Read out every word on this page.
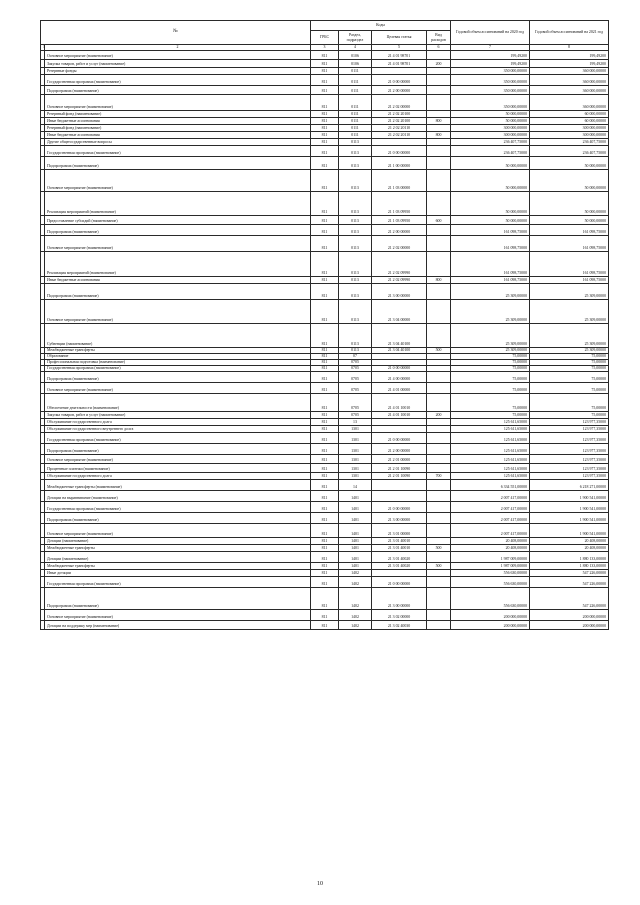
№		Коды				Годовой объем ассигнований на 2020 год	Годовой объем ассигнований на 2021 год
		ГРБС	Раздел, подраздел	Целевая статья	Вид расходов		
1	2	3	4	5	6	7	8
	Основное мероприятие (наименование)	811	0106	21 4 01 98701		199,49200	199,49200
	Закупка товаров, работ и услуг (наименование)	811	0106	21 4 01 98701	200	199,49200	199,49200
	Резервные фонды	811	0111			350 000,00000	360 000,00000
	Государственная программа (наименование)	811	0111	21 0 00 00000		350 000,00000	360 000,00000
	Подпрограмма (наименование)	811	0111	21 2 00 00000		350 000,00000	360 000,00000
	Основное мероприятие (наименование)	811	0111	21 2 02 00000		350 000,00000	360 000,00000
	Резервный фонд (наименование)	811	0111	21 2 02 20100		50 000,00000	60 000,00000
	Иные бюджетные ассигнования	811	0111	21 2 02 20100	800	50 000,00000	60 000,00000
	Резервный фонд (наименование)	811	0111	21 2 02 20110		300 000,00000	300 000,00000
	Иные бюджетные ассигнования	811	0111	21 2 02 20110	800	300 000,00000	300 000,00000
	Другие общегосударственные вопросы	811	0113			236 407,75000	236 407,75000
	Государственная программа (наименование)	811	0113	21 0 00 00000		236 407,75000	236 407,75000
	Подпрограмма (наименование)	811	0113	21 1 00 00000		50 000,00000	50 000,00000
	Основное мероприятие (наименование)	811	0113	21 1 03 00000		50 000,00000	50 000,00000
	Реализация мероприятий (наименование)	811	0113	21 1 03 09950		50 000,00000	50 000,00000
	Предоставление субсидий (наименование)	811	0113	21 1 03 09950	600	50 000,00000	50 000,00000
	Подпрограмма (наименование)	811	0113	21 2 00 00000		161 098,75000	161 098,75000
	Основное мероприятие (наименование)	811	0113	21 2 02 00000		161 098,75000	161 098,75000
	Реализация мероприятий (наименование)	811	0113	21 2 02 09990		161 098,75000	161 098,75000
	Иные бюджетные ассигнования	811	0113	21 2 02 09990	800	161 098,75000	161 098,75000
	Подпрограмма (наименование)	811	0113	21 3 00 00000		25 309,00000	25 309,00000
	Основное мероприятие (наименование)	811	0113	21 3 04 00000		25 309,00000	25 309,00000
	Субвенции (наименование)	811	0113	21 3 04 40100		25 309,00000	25 309,00000
	Межбюджетные трансферты	811	0113	21 3 04 40100	500	25 309,00000	25 309,00000
	Образование	811	07			75,00000	75,00000
	Профессиональная подготовка (наименование)	811	0705			75,00000	75,00000
	Государственная программа (наименование)	811	0705	21 0 00 00000		75,00000	75,00000
	Подпрограмма (наименование)	811	0705	21 4 00 00000		75,00000	75,00000
	Основное мероприятие (наименование)	811	0705	21 4 01 00000		75,00000	75,00000
	Обеспечение деятельности (наименование)	811	0705	21 4 01 10010		75,00000	75,00000
	Закупка товаров, работ и услуг (наименование)	811	0705	21 4 01 10010	200	75,00000	75,00000
	Обслуживание государственного долга	811	13			125 611,65000	123 977,35000
	Обслуживание государственного внутреннего долга	811	1301			125 611,65000	123 977,35000
	Государственная программа (наименование)	811	1301	21 0 00 00000		125 611,65000	123 977,35000
	Подпрограмма (наименование)	811	1301	21 2 00 00000		125 611,65000	123 977,35000
	Основное мероприятие (наименование)	811	1301	21 2 01 00000		125 611,65000	123 977,35000
	Процентные платежи (наименование)	811	1301	21 2 01 10090		125 611,65000	123 977,35000
	Обслуживание государственного долга	811	1301	21 2 01 10090	700	125 611,65000	123 977,35000
	Межбюджетные трансферты (наименование)	811	14			6 334 551,00000	6 218 271,00000
	Дотации на выравнивание (наименование)	811	1401			2 007 417,00000	1 900 541,00000
	Государственная программа (наименование)	811	1401	21 0 00 00000		2 007 417,00000	1 900 541,00000
	Подпрограмма (наименование)	811	1401	21 3 00 00000		2 007 417,00000	1 900 541,00000
	Основное мероприятие (наименование)	811	1401	21 3 01 00000		2 007 417,00000	1 900 541,00000
	Дотации (наименование)	811	1401	21 3 01 40010		20 408,00000	20 408,00000
	Межбюджетные трансферты	811	1401	21 3 01 40010	500	20 408,00000	20 408,00000
	Дотации (наименование)	811	1401	21 3 01 40020		1 987 009,00000	1 880 133,00000
	Межбюджетные трансферты	811	1401	21 3 01 40020	500	1 987 009,00000	1 880 133,00000
	Иные дотации	811	1402			556 630,00000	547 226,00000
	Государственная программа (наименование)	811	1402	21 0 00 00000		556 630,00000	547 226,00000
	Подпрограмма (наименование)	811	1402	21 3 00 00000		556 630,00000	547 226,00000
	Основное мероприятие (наименование)	811	1402	21 3 02 00000		200 000,00000	200 000,00000
	Дотации на поддержку мер (наименование)	811	1402	21 3 02 40030		200 000,00000	200 000,00000
10
